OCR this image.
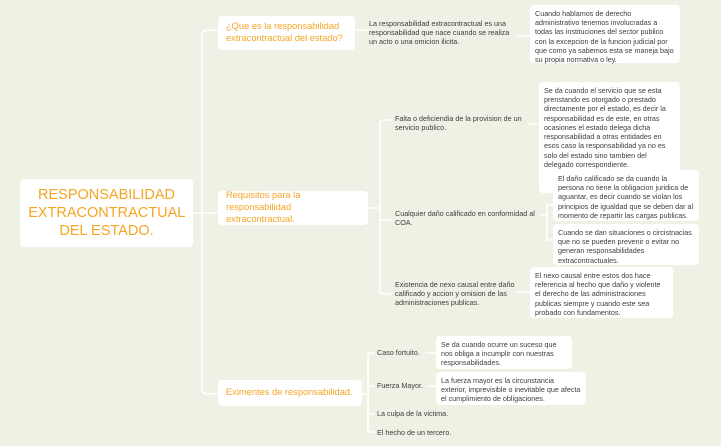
RESPONSABILIDAD EXTRACONTRACTUAL DEL ESTADO.
¿Que es la responsabilidad extracontractual del estado?
La responsabilidad extracontractual es una responsabilidad que nace cuando se realiza un acto o una omicion ilicita.
Cuando hablamos de derecho administrativo tenemos involucradas a todas las instituciones del sector publico con la excepcion de la funcion judicial por que como ya sabemos esta se maneja bajo su propia normativa o ley.
Requisitos para la responsabilidad extracontractual.
Falta o deficiendia de la provision de un servicio publico.
Se da cuando el servicio que se esta prenstando es otorgado o prestado directamente por el estado, es decir la responsabilidad es de este, en otras ocasiones el estado delega dicha responsabilidad a otras entidades en esos caso la responsabilidad ya no es solo del estado sino tambien del delegado correspondiente.
Cualquier daño calificado en conformidad al COA.
El daño calificado se da cuando la persona no tiene la obligacion juridica de aguantar, es decir cuando se violan los principios de igualdad que se deben dar al momento de repartir las cargas publicas.
Cuando se dan situaciones o circistnacias que no se pueden prevenir o evitar no generan responsabilidades extracontractuales.
Existencia de nexo causal entre daño calificado y accion y omision de las administraciones publicas.
El nexo causal entre estos dos hace referencia al hecho que daño y violente el derecho de las administraciones publicas siempre y cuando este sea probado con fundamentos.
Eximentes de responsabilidad.
Caso fortuito.
Se da cuando ocurre un suceso que nos obliga a incumplir con nuestras responsabilidades.
Fuerza Mayor.
La fuerza mayor es la circunstancia exterior, imprevisible o inevitable que afecta el cumplimiento de obligaciones.
La culpa de la victima.
El hecho de un tercero.
